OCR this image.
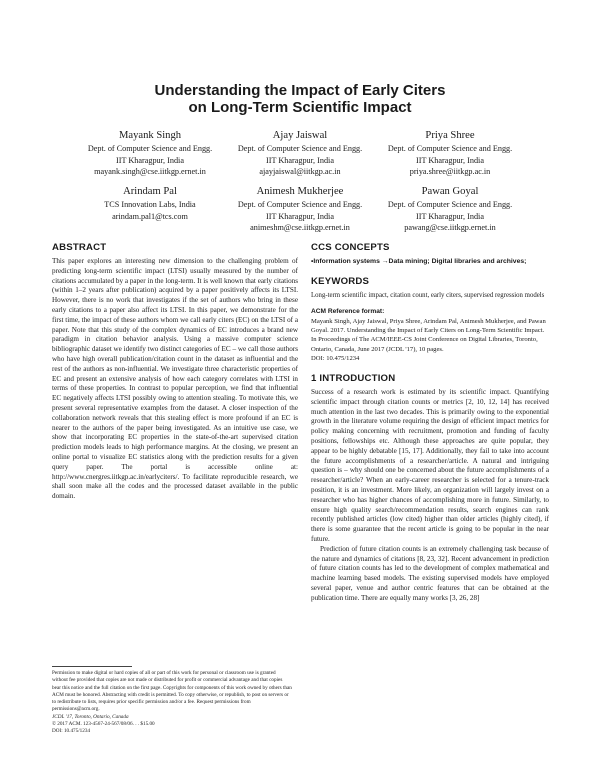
Understanding the Impact of Early Citers
on Long-Term Scientific Impact
Mayank Singh
Dept. of Computer Science and Engg.
IIT Kharagpur, India
mayank.singh@cse.iitkgp.ernet.in
Ajay Jaiswal
Dept. of Computer Science and Engg.
IIT Kharagpur, India
ajayjaiswal@iitkgp.ac.in
Priya Shree
Dept. of Computer Science and Engg.
IIT Kharagpur, India
priya.shree@iitkgp.ac.in
Arindam Pal
TCS Innovation Labs, India
arindam.pal1@tcs.com
Animesh Mukherjee
Dept. of Computer Science and Engg.
IIT Kharagpur, India
animeshm@cse.iitkgp.ernet.in
Pawan Goyal
Dept. of Computer Science and Engg.
IIT Kharagpur, India
pawang@cse.iitkgp.ernet.in
ABSTRACT

This paper explores an interesting new dimension to the challenging problem of predicting long-term scientific impact (LTSI) usually measured by the number of citations accumulated by a paper in the long-term. It is well known that early citations (within 1–2 years after publication) acquired by a paper positively affects its LTSI. However, there is no work that investigates if the set of authors who bring in these early citations to a paper also affect its LTSI. In this paper, we demonstrate for the first time, the impact of these authors whom we call early citers (EC) on the LTSI of a paper. Note that this study of the complex dynamics of EC introduces a brand new paradigm in citation behavior analysis. Using a massive computer science bibliographic dataset we identify two distinct categories of EC – we call those authors who have high overall publication/citation count in the dataset as influential and the rest of the authors as non-influential. We investigate three characteristic properties of EC and present an extensive analysis of how each category correlates with LTSI in terms of these properties. In contrast to popular perception, we find that influential EC negatively affects LTSI possibly owing to attention stealing. To motivate this, we present several representative examples from the dataset. A closer inspection of the collaboration network reveals that this stealing effect is more profound if an EC is nearer to the authors of the paper being investigated. As an intuitive use case, we show that incorporating EC properties in the state-of-the-art supervised citation prediction models leads to high performance margins. At the closing, we present an online portal to visualize EC statistics along with the prediction results for a given query paper. The portal is accessible online at: http://www.cnergres.iitkgp.ac.in/earlyciters/. To facilitate reproducible research, we shall soon make all the codes and the processed dataset available in the public domain.

Permission to make digital or hard copies of all or part of this work for personal or classroom use is granted without fee provided that copies are not made or distributed for profit or commercial advantage and that copies bear this notice and the full citation on the first page. Copyrights for components of this work owned by others than ACM must be honored. Abstracting with credit is permitted. To copy otherwise, or republish, to post on servers or to redistribute to lists, requires prior specific permission and/or a fee. Request permissions from permissions@acm.org.
JCDL '17, Toronto, Ontario, Canada
© 2017 ACM. 123-4567-24-567/08/06. . . $15.00
DOI: 10.475/1234
CCS CONCEPTS

•Information systems →Data mining; Digital libraries and archives;

KEYWORDS

Long-term scientific impact, citation count, early citers, supervised regression models

ACM Reference format:

Mayank Singh, Ajay Jaiswal, Priya Shree, Arindam Pal, Animesh Mukherjee, and Pawan Goyal. 2017. Understanding the Impact of Early Citers on Long-Term Scientific Impact. In Proceedings of The ACM/IEEE-CS Joint Conference on Digital Libraries, Toronto, Ontario, Canada, June 2017 (JCDL '17), 10 pages.

DOI: 10.475/1234

1 INTRODUCTION

Success of a research work is estimated by its scientific impact. Quantifying scientific impact through citation counts or metrics [2, 10, 12, 14] has received much attention in the last two decades. This is primarily owing to the exponential growth in the literature volume requiring the design of efficient impact metrics for policy making concerning with recruitment, promotion and funding of faculty positions, fellowships etc. Although these approaches are quite popular, they appear to be highly debatable [15, 17]. Additionally, they fail to take into account the future accomplishments of a researcher/article. A natural and intriguing question is – why should one be concerned about the future accomplishments of a researcher/article? When an early-career researcher is selected for a tenure-track position, it is an investment. More likely, an organization will largely invest on a researcher who has higher chances of accomplishing more in future. Similarly, to ensure high quality search/recommendation results, search engines can rank recently published articles (low cited) higher than older articles (highly cited), if there is some guarantee that the recent article is going to be popular in the near future.

Prediction of future citation counts is an extremely challenging task because of the nature and dynamics of citations [8, 23, 32]. Recent advancement in prediction of future citation counts has led to the development of complex mathematical and machine learning based models. The existing supervised models have employed several paper, venue and author centric features that can be obtained at the publication time. There are equally many works [3, 26, 28]
